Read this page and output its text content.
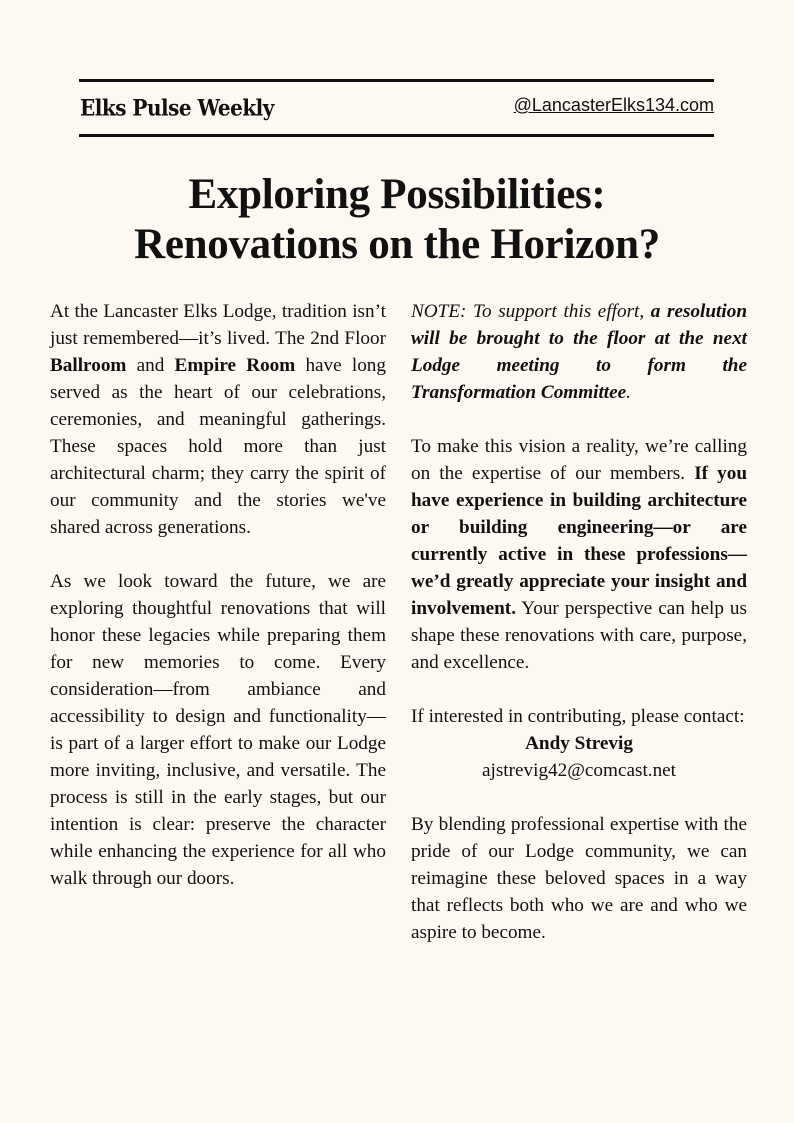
Elks Pulse Weekly	@LancasterElks134.com
Exploring Possibilities:
Renovations on the Horizon?

At the Lancaster Elks Lodge, tradition isn’t just remembered—it’s lived. The 2nd Floor Ballroom and Empire Room have long served as the heart of our celebrations, ceremonies, and meaningful gatherings. These spaces hold more than just architectural charm; they carry the spirit of our community and the stories we've shared across generations.

As we look toward the future, we are exploring thoughtful renovations that will honor these legacies while preparing them for new memories to come. Every consideration—from ambiance and accessibility to design and functionality—is part of a larger effort to make our Lodge more inviting, inclusive, and versatile. The process is still in the early stages, but our intention is clear: preserve the character while enhancing the experience for all who walk through our doors.

NOTE: To support this effort, a resolution will be brought to the floor at the next Lodge meeting to form the Transformation Committee.

To make this vision a reality, we’re calling on the expertise of our members. If you have experience in building architecture or building engineering—or are currently active in these professions—we’d greatly appreciate your insight and involvement. Your perspective can help us shape these renovations with care, purpose, and excellence.

If interested in contributing, please contact:

Andy Strevig
ajstrevig42@comcast.net

By blending professional expertise with the pride of our Lodge community, we can reimagine these beloved spaces in a way that reflects both who we are and who we aspire to become.
